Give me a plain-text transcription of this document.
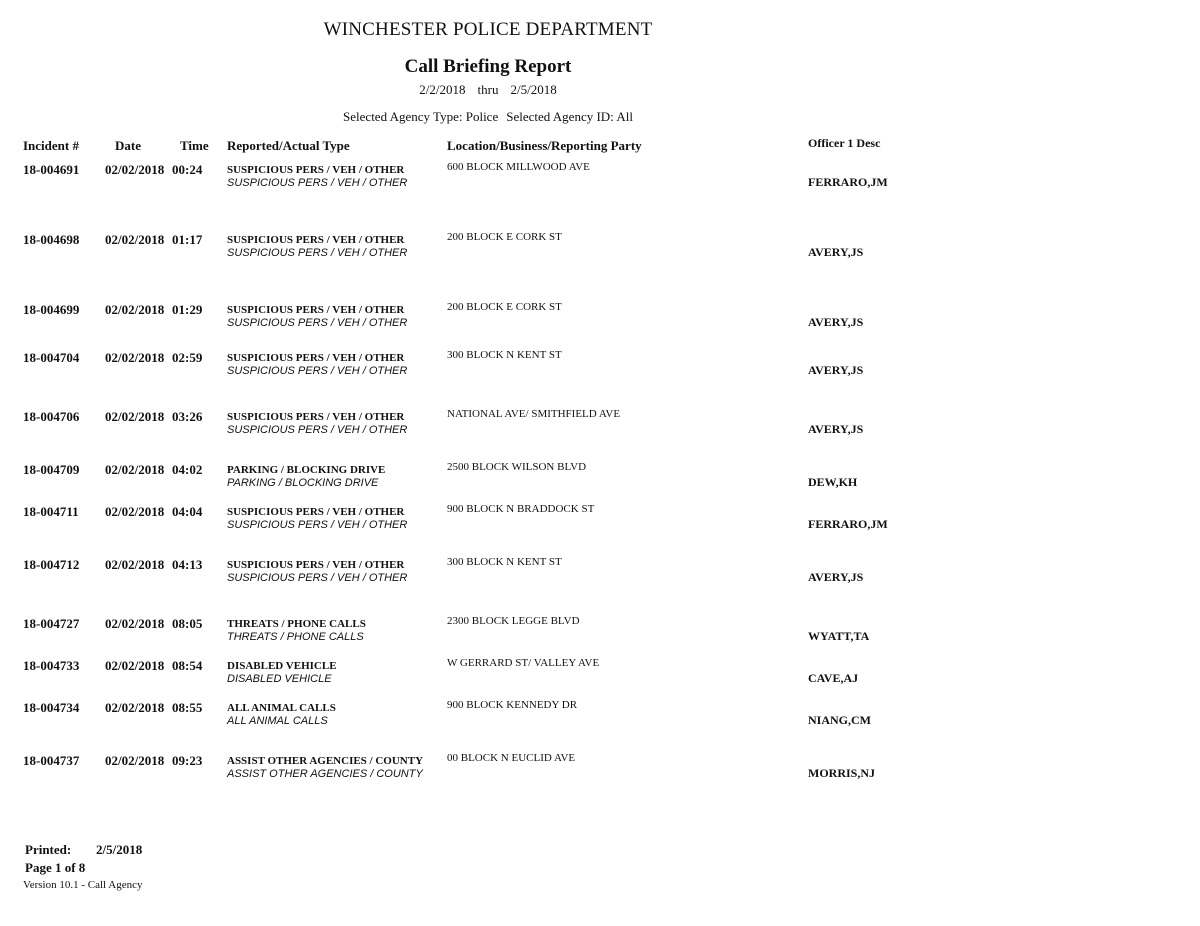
WINCHESTER POLICE DEPARTMENT
Call Briefing Report
2/2/2018 thru 2/5/2018
Selected Agency Type: Police Selected Agency ID: All
Incident #	Date	Time Reported/Actual Type	Location/Business/Reporting Party	Officer 1 Desc
18-004691 02/02/2018 00:24 SUSPICIOUS PERS / VEH / OTHER
SUSPICIOUS PERS / VEH / OTHER
600 BLOCK MILLWOOD AVE
FERRARO,JM
18-004698 02/02/2018 01:17 SUSPICIOUS PERS / VEH / OTHER
SUSPICIOUS PERS / VEH / OTHER
200 BLOCK E CORK ST
AVERY,JS
18-004699 02/02/2018 01:29 SUSPICIOUS PERS / VEH / OTHER
SUSPICIOUS PERS / VEH / OTHER
200 BLOCK E CORK ST
AVERY,JS
18-004704 02/02/2018 02:59 SUSPICIOUS PERS / VEH / OTHER
SUSPICIOUS PERS / VEH / OTHER
300 BLOCK N KENT ST
AVERY,JS
18-004706 02/02/2018 03:26 SUSPICIOUS PERS / VEH / OTHER
SUSPICIOUS PERS / VEH / OTHER
NATIONAL AVE/ SMITHFIELD AVE
AVERY,JS
18-004709 02/02/2018 04:02 PARKING / BLOCKING DRIVE
PARKING / BLOCKING DRIVE
2500 BLOCK WILSON BLVD
DEW,KH
18-004711 02/02/2018 04:04 SUSPICIOUS PERS / VEH / OTHER
SUSPICIOUS PERS / VEH / OTHER
900 BLOCK N BRADDOCK ST
FERRARO,JM
18-004712 02/02/2018 04:13 SUSPICIOUS PERS / VEH / OTHER
SUSPICIOUS PERS / VEH / OTHER
300 BLOCK N KENT ST
AVERY,JS
18-004727 02/02/2018 08:05 THREATS / PHONE CALLS
THREATS / PHONE CALLS
2300 BLOCK LEGGE BLVD
WYATT,TA
18-004733 02/02/2018 08:54 DISABLED VEHICLE
DISABLED VEHICLE
W GERRARD ST/ VALLEY AVE
CAVE,AJ
18-004734 02/02/2018 08:55 ALL ANIMAL CALLS
ALL ANIMAL CALLS
900 BLOCK KENNEDY DR
NIANG,CM
18-004737 02/02/2018 09:23 ASSIST OTHER AGENCIES / COUNTY
ASSIST OTHER AGENCIES / COUNTY
00 BLOCK N EUCLID AVE
MORRIS,NJ
Printed: 2/5/2018
Page 1 of 8
Version 10.1 - Call Agency
